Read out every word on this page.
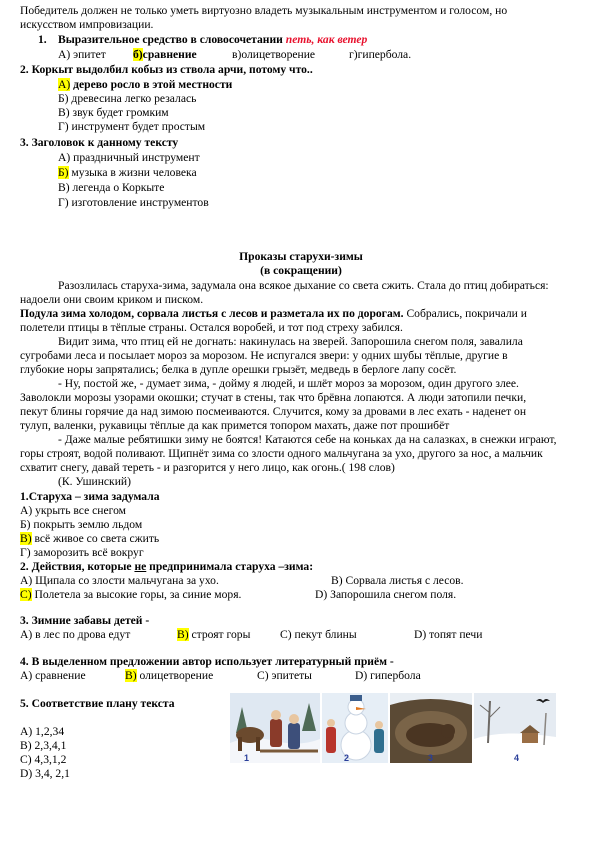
Победитель должен не только уметь виртуозно владеть музыкальным инструментом и голосом, но
искусством импровизации.
1. Выразительное средство в словосочетании петь, как ветер
А) эпитет б)сравнение	в)олицетворение	г)гипербола.
2. Коркыт выдолбил кобыз из ствола арчи, потому что..
А) дерево росло в этой местности
Б) древесина легко резалась
В) звук будет громким
Г) инструмент будет простым
3. Заголовок к данному тексту
А) праздничный инструмент
Б) музыка в жизни человека
В) легенда о Коркыте
Г) изготовление инструментов
Проказы старухи-зимы
(в сокращении)
Разозлилась старуха-зима, задумала она всякое дыхание со света сжить. Стала до птиц добираться:
надоели они своим криком и писком.
Подула зима холодом, сорвала листья с лесов и разметала их по дорогам. Собрались, покричали и
полетели птицы в тёплые страны. Остался воробей, и тот под стреху забился.
Видит зима, что птиц ей не догнать: накинулась на зверей. Запорошила снегом поля, завалила
сугробами леса и посылает мороз за морозом. Не испугался звери: у одних шубы тёплые, другие в
глубокие норы запрятались; белка в дупле орешки грызёт, медведь в берлоге лапу сосёт.
- Ну, постой же, - думает зима, - дойму я людей, и шлёт мороз за морозом, один другого злее.
Заволокли морозы узорами окошки; стучат в стены, так что брёвна лопаются. А люди затопили печки,
пекут блины горячие да над зимою посмеиваются. Случится, кому за дровами в лес ехать - наденет он
тулуп, валенки, рукавицы тёплые да как примется топором махать, даже пот прошибёт
- Даже малые ребятишки зиму не боятся! Катаются себе на коньках да на салазках, в снежки играют,
горы строят, водой поливают. Щипнёт зима со злости одного мальчугана за ухо, другого за нос, а мальчик
схватит снегу, давай тереть - и разгорится у него лицо, как огонь.( 198 слов)
(К. Ушинский)
1.Старуха – зима задумала
А) укрыть все снегом
Б) покрыть землю льдом
В) всё живое со света сжить
Г) заморозить всё вокруг
2. Действия, которые не предпринимала старуха –зима:
А) Щипала со злости мальчугана за ухо.	В) Сорвала листья с лесов.
С) Полетела за высокие горы, за синие моря.	D) Запорошила снегом поля.
3. Зимние забавы детей -
А) в лес по дрова едут	В) строят горы	С) пекут блины	D) топят печи
4. В выделенном предложении автор использует литературный приём -
А) сравнение	В) олицетворение	С) эпитеты	D) гипербола
5. Соответствие плану текста
А) 1,2,34
В) 2,3,4,1
С) 4,3,1,2
D) 3,4, 2,1
1	2	3	4
